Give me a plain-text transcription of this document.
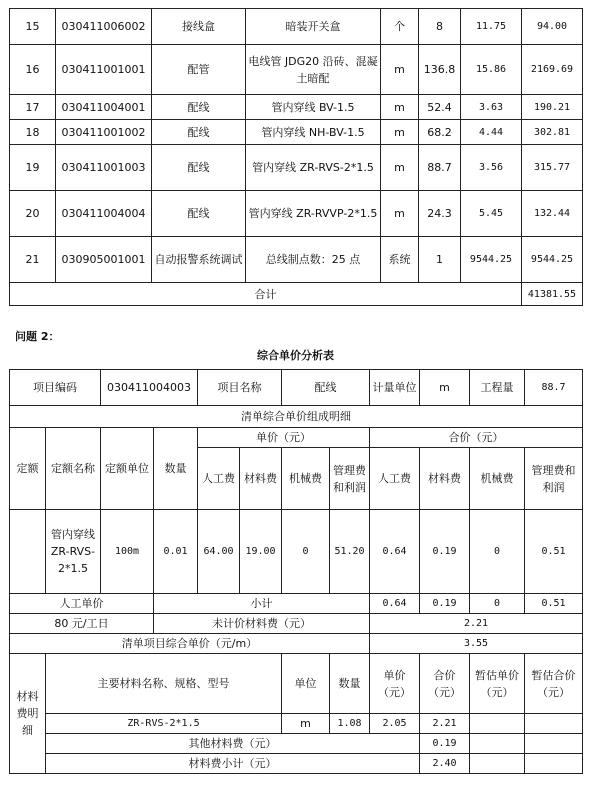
15	030411006002	接线盒	暗装开关盒	个	8	11.75	94.00
16	030411001001	配管	电线管 JDG20 沿砖、混凝土暗配	m	136.8	15.86	2169.69
17	030411004001	配线	管内穿线 BV-1.5	m	52.4	3.63	190.21
18	030411001002	配线	管内穿线 NH-BV-1.5	m	68.2	4.44	302.81
19	030411001003	配线	管内穿线 ZR-RVS-2*1.5	m	88.7	3.56	315.77
20	030411004004	配线	管内穿线 ZR-RVVP-2*1.5	m	24.3	5.45	132.44
21	030905001001	自动报警系统调试	总线制点数：25 点	系统	1	9544.25	9544.25
合计							41381.55
问题 2：
综合单价分析表
项目编码		030411004003		项目名称		配线		计量单位	m	工程量	88.7
清单综合单价组成明细											
定额	定额名称	定额单位	数量	单价（元）				合价（元）			
				人工费	材料费	机械费	管理费和利润	人工费	材料费	机械费	管理费和利润
	管内穿线 ZR-RVS-2*1.5	100m	0.01	64.00	19.00	0	51.20	0.64	0.19	0	0.51
人工单价			小计					0.64	0.19	0	0.51
80 元/工日			未计价材料费（元）					2.21			
清单项目综合单价（元/m）								3.55			
材料费明细	主要材料名称、规格、型号					单位	数量	单价（元）	合价（元）	暂估单价（元）	暂估合价（元）
	ZR-RVS-2*1.5					m	1.08	2.05	2.21		
	其他材料费（元）								0.19		
	材料费小计（元）								2.40		
